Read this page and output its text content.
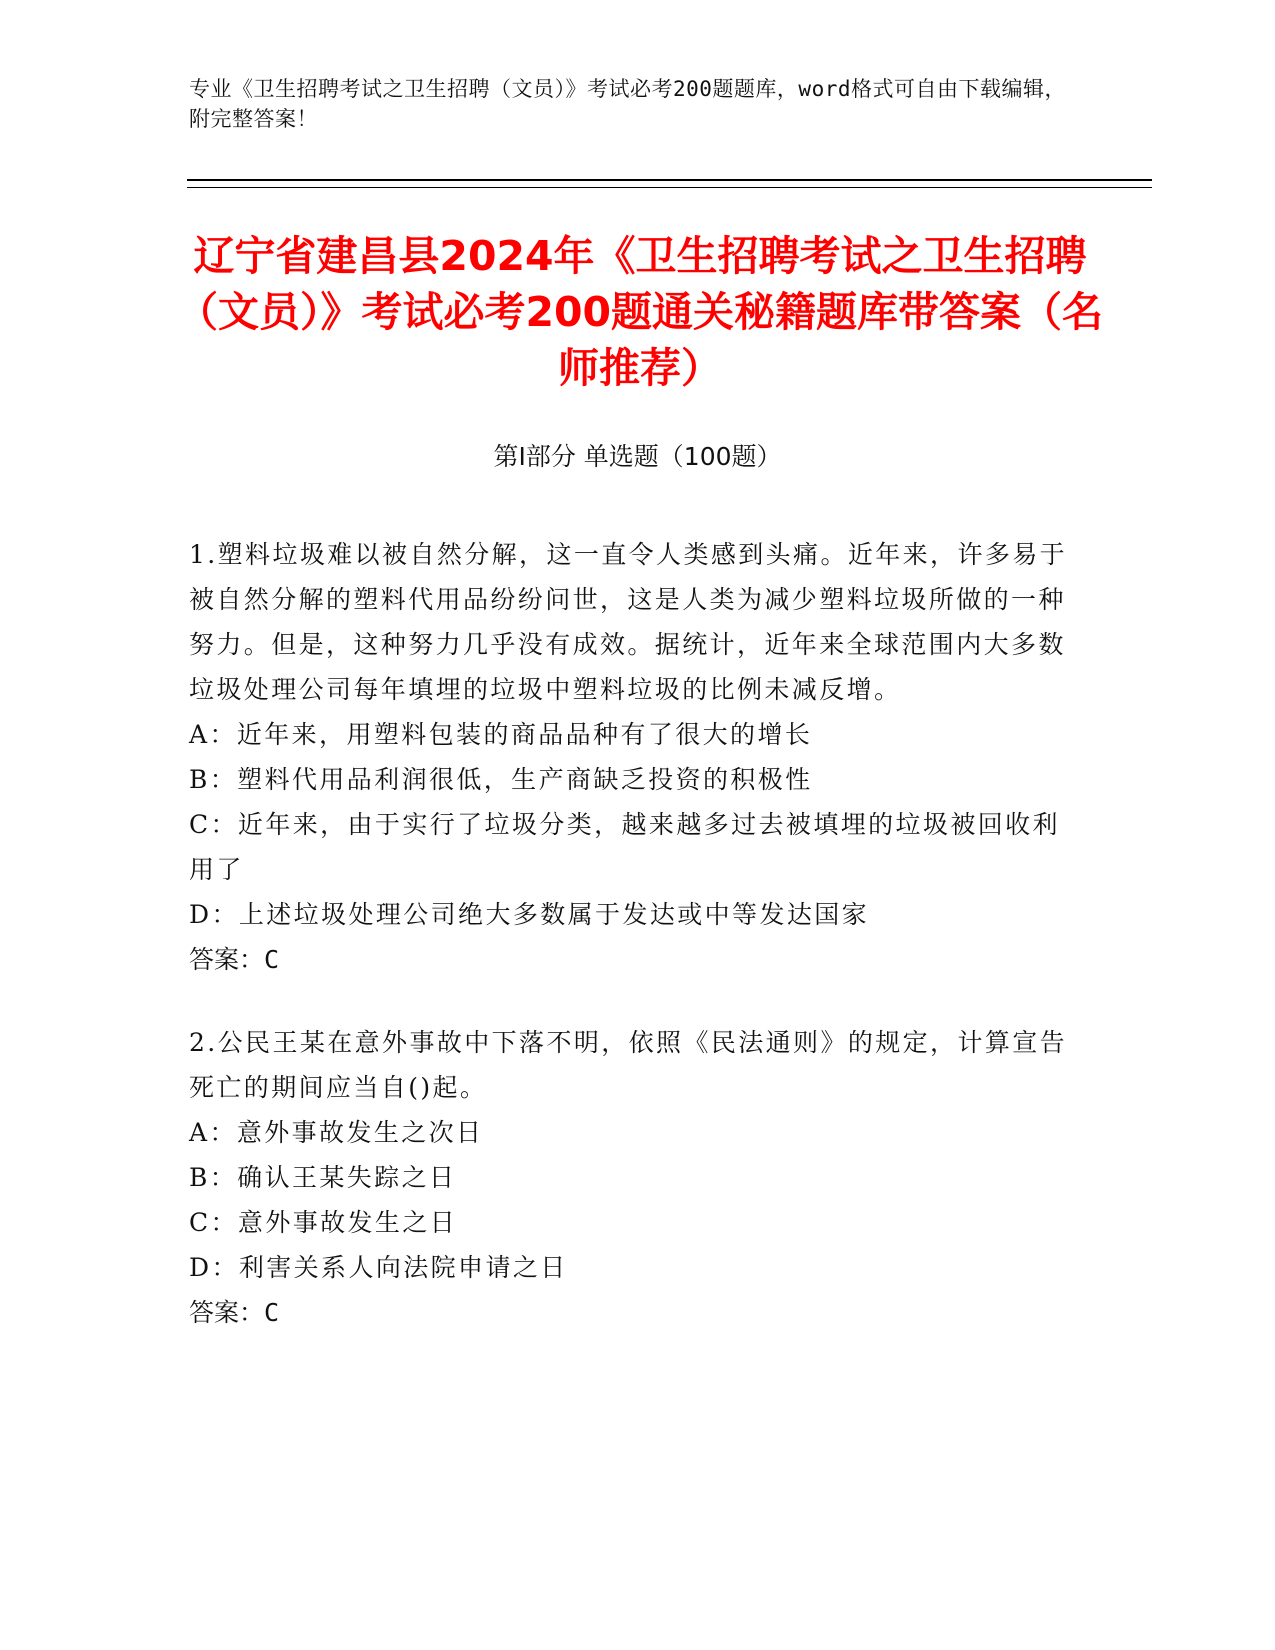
专业《卫生招聘考试之卫生招聘（文员）》考试必考200题题库，word格式可自由下载编辑，附完整答案！
辽宁省建昌县2024年《卫生招聘考试之卫生招聘（文员）》考试必考200题通关秘籍题库带答案（名师推荐）
第Ⅰ部分 单选题（100题）
1.塑料垃圾难以被自然分解，这一直令人类感到头痛。近年来，许多易于被自然分解的塑料代用品纷纷问世，这是人类为减少塑料垃圾所做的一种努力。但是，这种努力几乎没有成效。据统计，近年来全球范围内大多数垃圾处理公司每年填埋的垃圾中塑料垃圾的比例未减反增。
A：近年来，用塑料包装的商品品种有了很大的增长
B：塑料代用品利润很低，生产商缺乏投资的积极性
C：近年来，由于实行了垃圾分类，越来越多过去被填埋的垃圾被回收利用了
D：上述垃圾处理公司绝大多数属于发达或中等发达国家
答案：C
2.公民王某在意外事故中下落不明，依照《民法通则》的规定，计算宣告死亡的期间应当自()起。
A：意外事故发生之次日
B：确认王某失踪之日
C：意外事故发生之日
D：利害关系人向法院申请之日
答案：C
